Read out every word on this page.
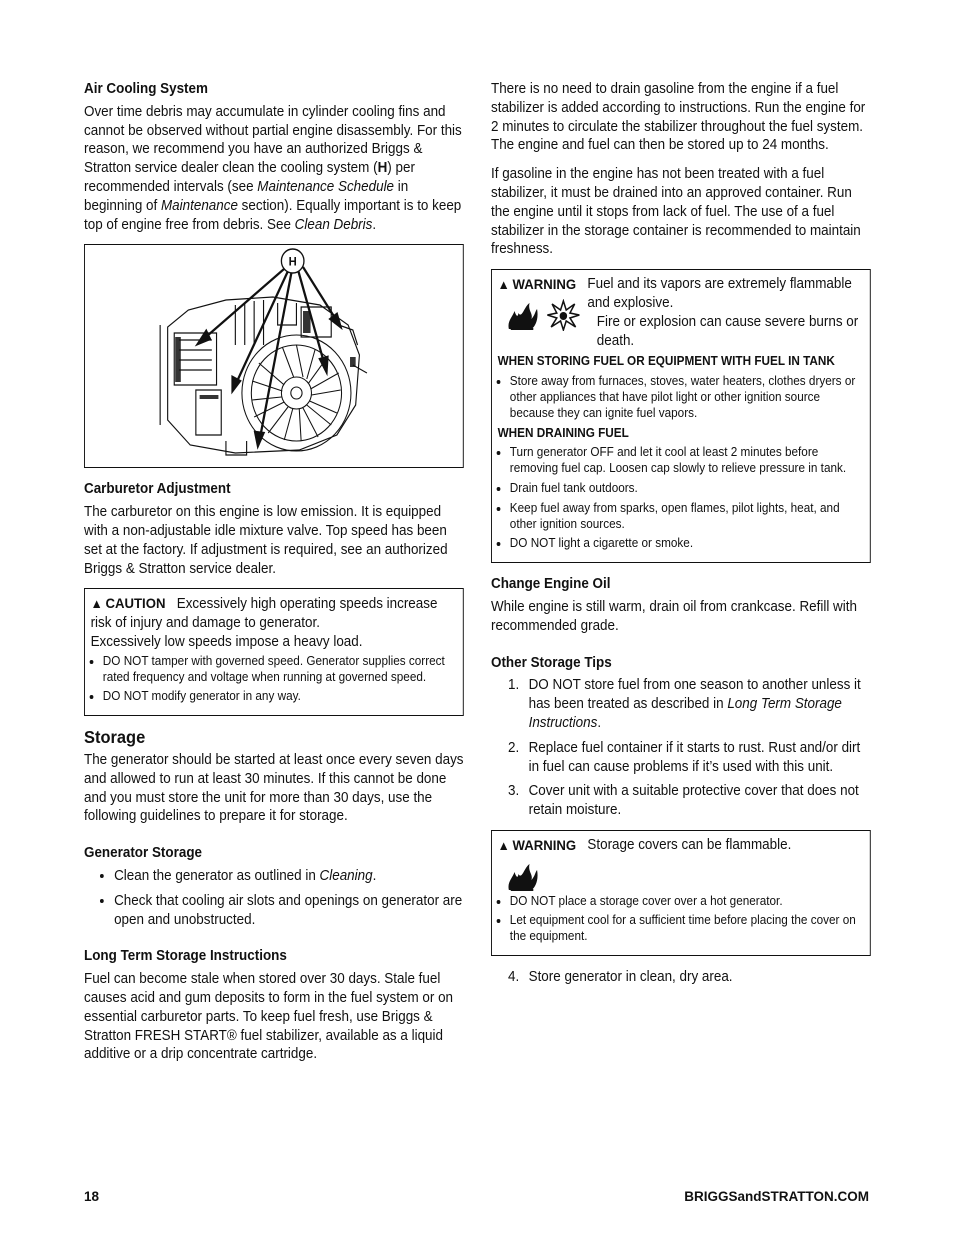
Air Cooling System

Over time debris may accumulate in cylinder cooling fins and cannot be observed without partial engine disassembly. For this reason, we recommend you have an authorized Briggs & Stratton service dealer clean the cooling system (H) per recommended intervals (see Maintenance Schedule in beginning of Maintenance section). Equally important is to keep top of engine free from debris. See Clean Debris.

H
Carburetor Adjustment

The carburetor on this engine is low emission. It is equipped with a non-adjustable idle mixture valve. Top speed has been set at the factory. If adjustment is required, see an authorized Briggs & Stratton service dealer.

▲ CAUTION Excessively high operating speeds increase risk of injury and damage to generator.
Excessively low speeds impose a heavy load.
• DO NOT tamper with governed speed. Generator supplies correct rated frequency and voltage when running at governed speed.
• DO NOT modify generator in any way.
Storage

The generator should be started at least once every seven days and allowed to run at least 30 minutes. If this cannot be done and you must store the unit for more than 30 days, use the following guidelines to prepare it for storage.

Generator Storage
• Clean the generator as outlined in Cleaning.
• Check that cooling air slots and openings on generator are open and unobstructed.
Long Term Storage Instructions

Fuel can become stale when stored over 30 days. Stale fuel causes acid and gum deposits to form in the fuel system or on essential carburetor parts. To keep fuel fresh, use Briggs & Stratton FRESH START® fuel stabilizer, available as a liquid additive or a drip concentrate cartridge.

There is no need to drain gasoline from the engine if a fuel stabilizer is added according to instructions. Run the engine for 2 minutes to circulate the stabilizer throughout the fuel system. The engine and fuel can then be stored up to 24 months.

If gasoline in the engine has not been treated with a fuel stabilizer, it must be drained into an approved container. Run the engine until it stops from lack of fuel. The use of a fuel stabilizer in the storage container is recommended to maintain freshness.

▲ WARNING Fuel and its vapors are extremely flammable and explosive.
Fire or explosion can cause severe burns or death.
WHEN STORING FUEL OR EQUIPMENT WITH FUEL IN TANK
• Store away from furnaces, stoves, water heaters, clothes dryers or other appliances that have pilot light or other ignition source because they can ignite fuel vapors.
WHEN DRAINING FUEL
• Turn generator OFF and let it cool at least 2 minutes before removing fuel cap. Loosen cap slowly to relieve pressure in tank.
• Drain fuel tank outdoors.
• Keep fuel away from sparks, open flames, pilot lights, heat, and other ignition sources.
• DO NOT light a cigarette or smoke.
Change Engine Oil

While engine is still warm, drain oil from crankcase. Refill with recommended grade.

Other Storage Tips
1. DO NOT store fuel from one season to another unless it has been treated as described in Long Term Storage Instructions.
2. Replace fuel container if it starts to rust. Rust and/or dirt in fuel can cause problems if it’s used with this unit.
3. Cover unit with a suitable protective cover that does not retain moisture.
▲ WARNING Storage covers can be flammable.
• DO NOT place a storage cover over a hot generator.
• Let equipment cool for a sufficient time before placing the cover on the equipment.
4. Store generator in clean, dry area.
18	BRIGGSandSTRATTON.COM
